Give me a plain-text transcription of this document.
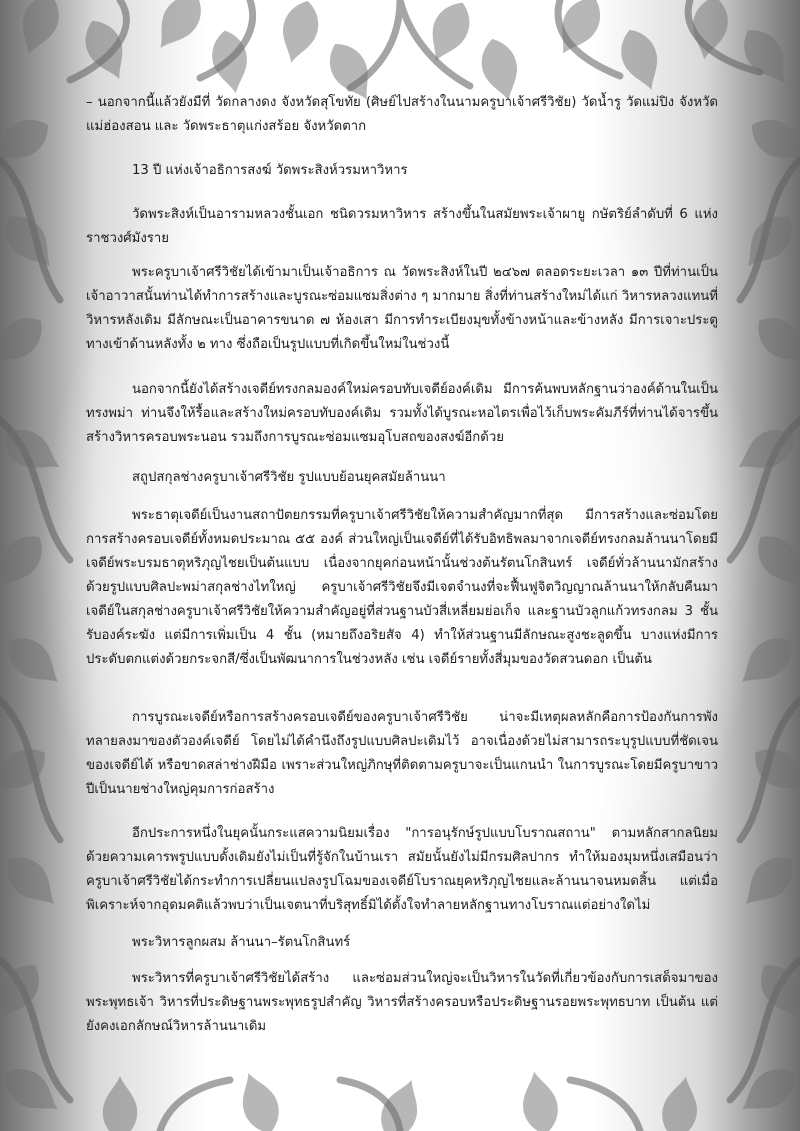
– นอกจากนี้แล้วยังมีที่ วัดกลางดง จังหวัดสุโขทัย (ศิษย์ไปสร้างในนามครูบาเจ้าศรีวิชัย) วัดน้ำรู วัดแม่ปิง จังหวัดแม่ฮ่องสอน และ วัดพระธาตุแก่งสร้อย จังหวัดตาก

13 ปี แห่งเจ้าอธิการสงฆ์ วัดพระสิงห์วรมหาวิหาร

วัดพระสิงห์เป็นอารามหลวงชั้นเอก ชนิดวรมหาวิหาร สร้างขึ้นในสมัยพระเจ้าผายู กษัตริย์ลำดับที่ 6 แห่งราชวงศ์มังราย

พระครูบาเจ้าศรีวิชัยได้เข้ามาเป็นเจ้าอธิการ ณ วัดพระสิงห์ในปี ๒๔๖๗ ตลอดระยะเวลา ๑๓ ปีที่ท่านเป็นเจ้าอาวาสนั้นท่านได้ทำการสร้างและบูรณะซ่อมแซมสิ่งต่าง ๆ มากมาย สิ่งที่ท่านสร้างใหม่ได้แก่ วิหารหลวงแทนที่วิหารหลังเดิม มีลักษณะเป็นอาคารขนาด ๗ ห้องเสา มีการทำระเบียงมุขทั้งข้างหน้าและข้างหลัง มีการเจาะประตูทางเข้าด้านหลังทั้ง ๒ ทาง ซึ่งถือเป็นรูปแบบที่เกิดขึ้นใหม่ในช่วงนี้

นอกจากนี้ยังได้สร้างเจดีย์ทรงกลมองค์ใหม่ครอบทับเจดีย์องค์เดิม มีการค้นพบหลักฐานว่าองค์ด้านในเป็นทรงพม่า ท่านจึงให้รื้อและสร้างใหม่ครอบทับองค์เดิม รวมทั้งได้บูรณะหอไตรเพื่อไว้เก็บพระคัมภีร์ที่ท่านได้จารขึ้น สร้างวิหารครอบพระนอน รวมถึงการบูรณะซ่อมแซมอุโบสถของสงฆ์อีกด้วย

สถูปสกุลช่างครูบาเจ้าศรีวิชัย รูปแบบย้อนยุคสมัยล้านนา

พระธาตุเจดีย์เป็นงานสถาปัตยกรรมที่ครูบาเจ้าศรีวิชัยให้ความสำคัญมากที่สุด มีการสร้างและซ่อมโดยการสร้างครอบเจดีย์ทั้งหมดประมาณ ๕๕ องค์ ส่วนใหญ่เป็นเจดีย์ที่ได้รับอิทธิพลมาจากเจดีย์ทรงกลมล้านนาโดยมีเจดีย์พระบรมธาตุหริภุญไชยเป็นต้นแบบ เนื่องจากยุคก่อนหน้านั้นช่วงต้นรัตนโกสินทร์ เจดีย์ทั่วล้านนามักสร้างด้วยรูปแบบศิลปะพม่าสกุลช่างไทใหญ่ ครูบาเจ้าศรีวิชัยจึงมีเจตจำนงที่จะฟื้นฟูจิตวิญญาณล้านนาให้กลับคืนมา เจดีย์ในสกุลช่างครูบาเจ้าศรีวิชัยให้ความสำคัญอยู่ที่ส่วนฐานบัวสี่เหลี่ยมย่อเก็จ และฐานบัวลูกแก้วทรงกลม 3 ชั้นรับองค์ระฆัง แต่มีการเพิ่มเป็น 4 ชั้น (หมายถึงอริยสัจ 4) ทำให้ส่วนฐานมีลักษณะสูงชะลูดขึ้น บางแห่งมีการประดับตกแต่งด้วยกระจกสี/ซึ่งเป็นพัฒนาการในช่วงหลัง เช่น เจดีย์รายทั้งสี่มุมของวัดสวนดอก เป็นต้น

การบูรณะเจดีย์หรือการสร้างครอบเจดีย์ของครูบาเจ้าศรีวิชัย น่าจะมีเหตุผลหลักคือการป้องกันการพังทลายลงมาของตัวองค์เจดีย์ โดยไม่ได้คำนึงถึงรูปแบบศิลปะเดิมไว้ อาจเนื่องด้วยไม่สามารถระบุรูปแบบที่ชัดเจนของเจดีย์ได้ หรือขาดสล่าช่างฝีมือ เพราะส่วนใหญ่ภิกษุที่ติดตามครูบาจะเป็นแกนนำ ในการบูรณะโดยมีครูบาขาวปีเป็นนายช่างใหญ่คุมการก่อสร้าง

อีกประการหนึ่งในยุคนั้นกระแสความนิยมเรื่อง "การอนุรักษ์รูปแบบโบราณสถาน" ตามหลักสากลนิยม ด้วยความเคารพรูปแบบดั้งเดิมยังไม่เป็นที่รู้จักในบ้านเรา สมัยนั้นยังไม่มีกรมศิลปากร ทำให้มองมุมหนึ่งเสมือนว่าครูบาเจ้าศรีวิชัยได้กระทำการเปลี่ยนแปลงรูปโฉมของเจดีย์โบราณยุคหริภุญไชยและล้านนาจนหมดสิ้น แต่เมื่อพิเคราะห์จากอุดมคติแล้วพบว่าเป็นเจตนาที่บริสุทธิ์มิได้ตั้งใจทำลายหลักฐานทางโบราณแต่อย่างใดไม่

พระวิหารลูกผสม ล้านนา–รัตนโกสินทร์

พระวิหารที่ครูบาเจ้าศรีวิชัยได้สร้าง และซ่อมส่วนใหญ่จะเป็นวิหารในวัดที่เกี่ยวข้องกับการเสด็จมาของพระพุทธเจ้า วิหารที่ประดิษฐานพระพุทธรูปสำคัญ วิหารที่สร้างครอบหรือประดิษฐานรอยพระพุทธบาท เป็นต้น แต่ยังคงเอกลักษณ์วิหารล้านนาเดิม
